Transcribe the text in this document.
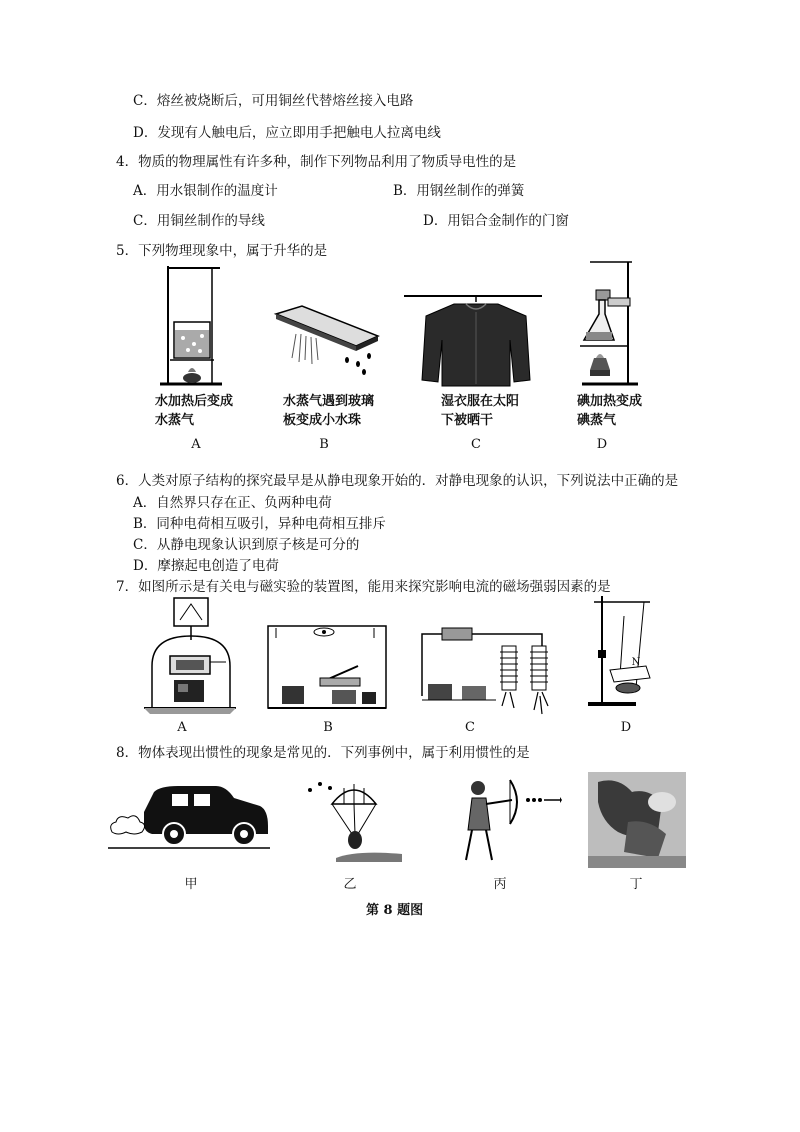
C．熔丝被烧断后，可用铜丝代替熔丝接入电路
D．发现有人触电后，应立即用手把触电人拉离电线
4．物质的物理属性有许多种，制作下列物品利用了物质导电性的是
A．用水银制作的温度计	B．用钢丝制作的弹簧
C．用铜丝制作的导线	D．用铝合金制作的门窗
5．下列物理现象中，属于升华的是
水加热后变成
水蒸气
A
水蒸气遇到玻璃
板变成小水珠
B
湿衣服在太阳
下被晒干
C
碘加热变成
碘蒸气
D
6．人类对原子结构的探究最早是从静电现象开始的．对静电现象的认识，下列说法中正确的是
A．自然界只存在正、负两种电荷
B．同种电荷相互吸引，异种电荷相互排斥
C．从静电现象认识到原子核是可分的
D．摩擦起电创造了电荷
7．如图所示是有关电与磁实验的装置图，能用来探究影响电流的磁场强弱因素的是
A	B	C
N
D
8．物体表现出惯性的现象是常见的．下列事例中，属于利用惯性的是
甲	乙	丙	丁
第 8 题图
